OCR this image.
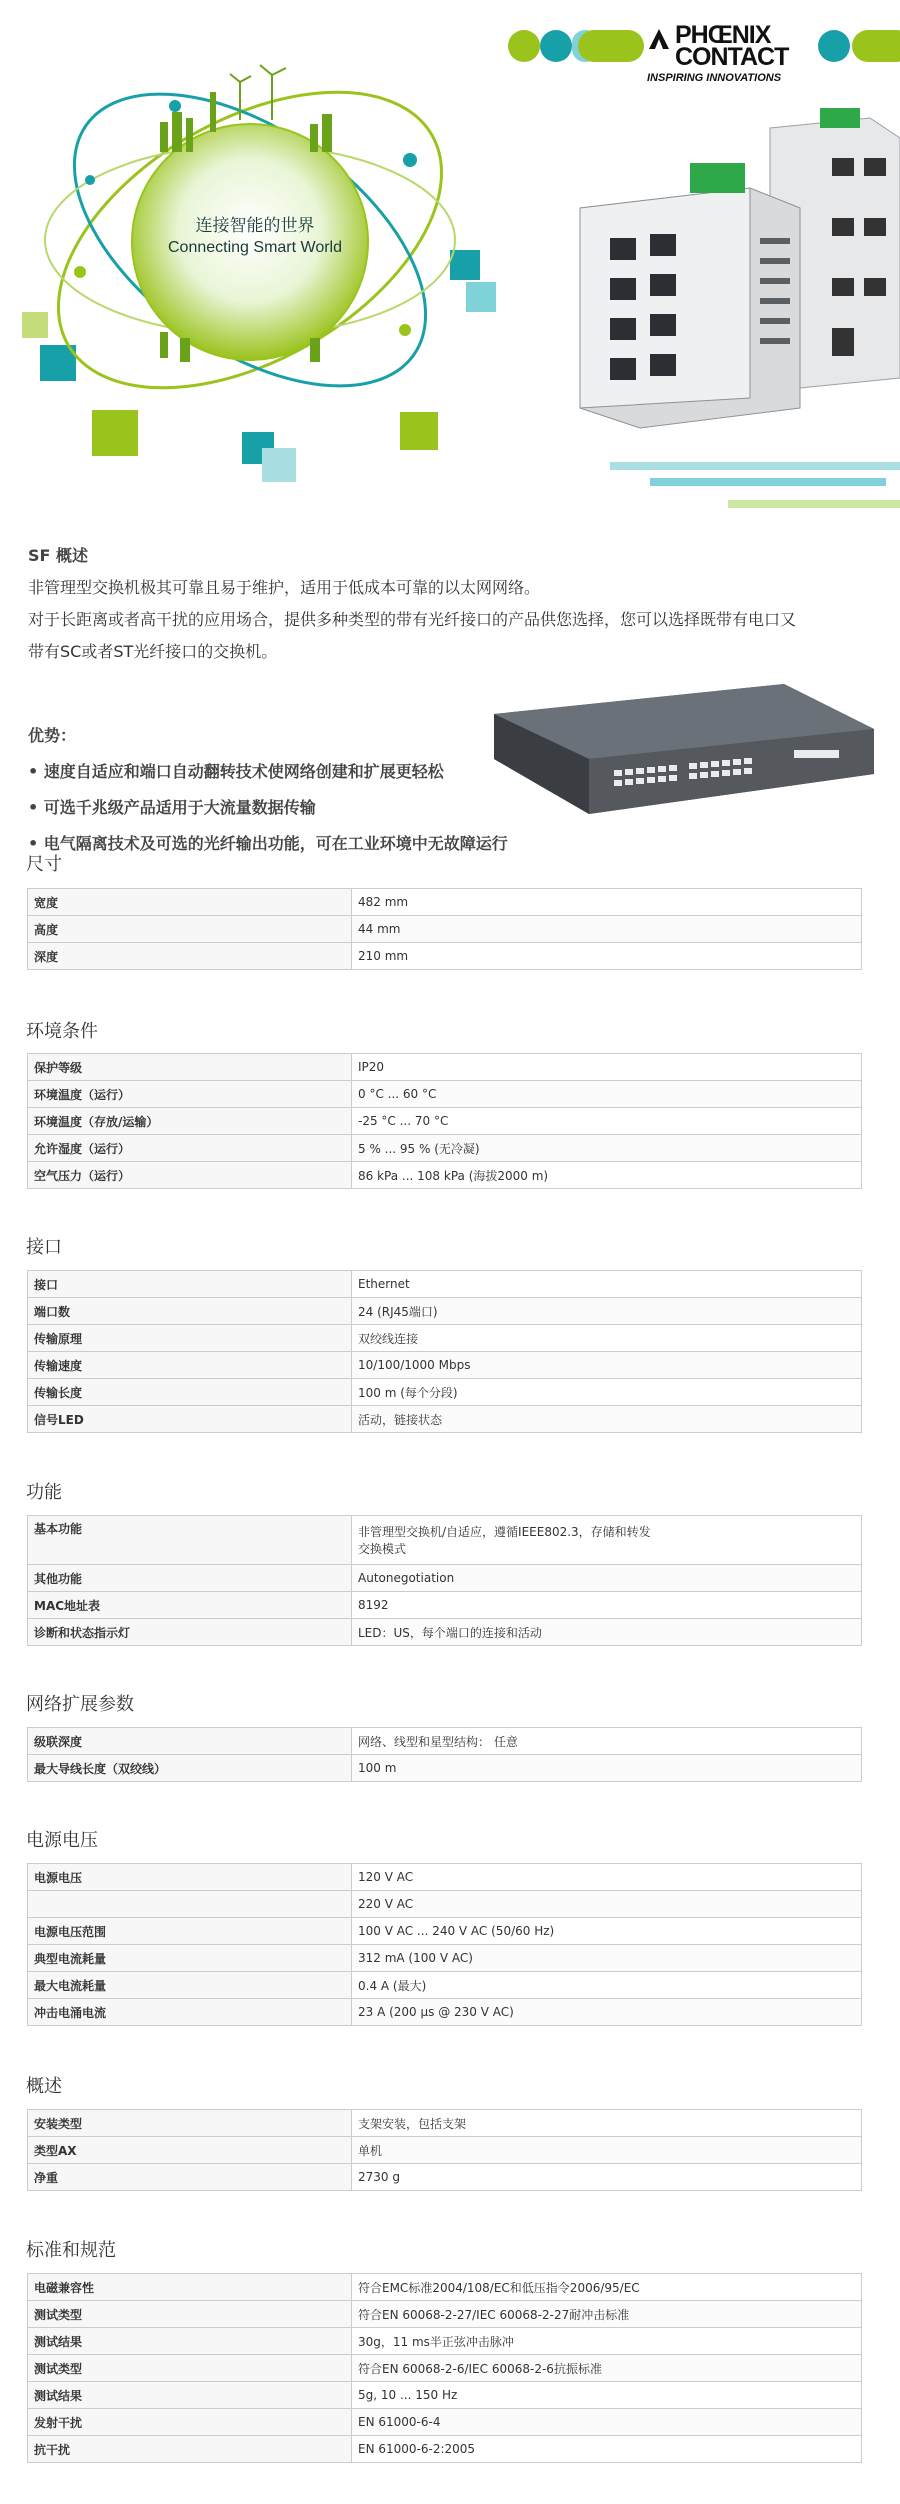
PHŒNIX
CONTACT
INSPIRING INNOVATIONS
连接智能的世界
Connecting Smart World
SF 概述
非管理型交换机极其可靠且易于维护，适用于低成本可靠的以太网网络。
对于长距离或者高干扰的应用场合，提供多种类型的带有光纤接口的产品供您选择，您可以选择既带有电口又
带有SC或者ST光纤接口的交换机。
优势：
• 速度自适应和端口自动翻转技术使网络创建和扩展更轻松
• 可选千兆级产品适用于大流量数据传输
• 电气隔离技术及可选的光纤输出功能，可在工业环境中无故障运行
尺寸
宽度	482 mm
高度	44 mm
深度	210 mm
环境条件
保护等级	IP20
环境温度（运行）	0 °C ... 60 °C
环境温度（存放/运输）	-25 °C ... 70 °C
允许湿度（运行）	5 % ... 95 % (无冷凝)
空气压力（运行）	86 kPa ... 108 kPa (海拔2000 m)
接口
接口	Ethernet
端口数	24 (RJ45端口)
传输原理	双绞线连接
传输速度	10/100/1000 Mbps
传输长度	100 m (每个分段)
信号LED	活动，链接状态
功能
基本功能	非管理型交换机/自适应，遵循IEEE802.3，存储和转发
交换模式

其他功能	Autonegotiation
MAC地址表	8192
诊断和状态指示灯	LED：US，每个端口的连接和活动
网络扩展参数
级联深度	网络、线型和星型结构： 任意
最大导线长度（双绞线）	100 m
电源电压
电源电压	120 V AC
	220 V AC
电源电压范围	100 V AC ... 240 V AC (50/60 Hz)
典型电流耗量	312 mA (100 V AC)
最大电流耗量	0.4 A (最大)
冲击电涌电流	23 A (200 µs @ 230 V AC)
概述
安装类型	支架安装，包括支架
类型AX	单机
净重	2730 g
标准和规范
电磁兼容性	符合EMC标准2004/108/EC和低压指令2006/95/EC
测试类型	符合EN 60068-2-27/IEC 60068-2-27耐冲击标准
测试结果	30g，11 ms半正弦冲击脉冲
测试类型	符合EN 60068-2-6/IEC 60068-2-6抗振标准
测试结果	5g, 10 ... 150 Hz
发射干扰	EN 61000-6-4
抗干扰	EN 61000-6-2:2005
